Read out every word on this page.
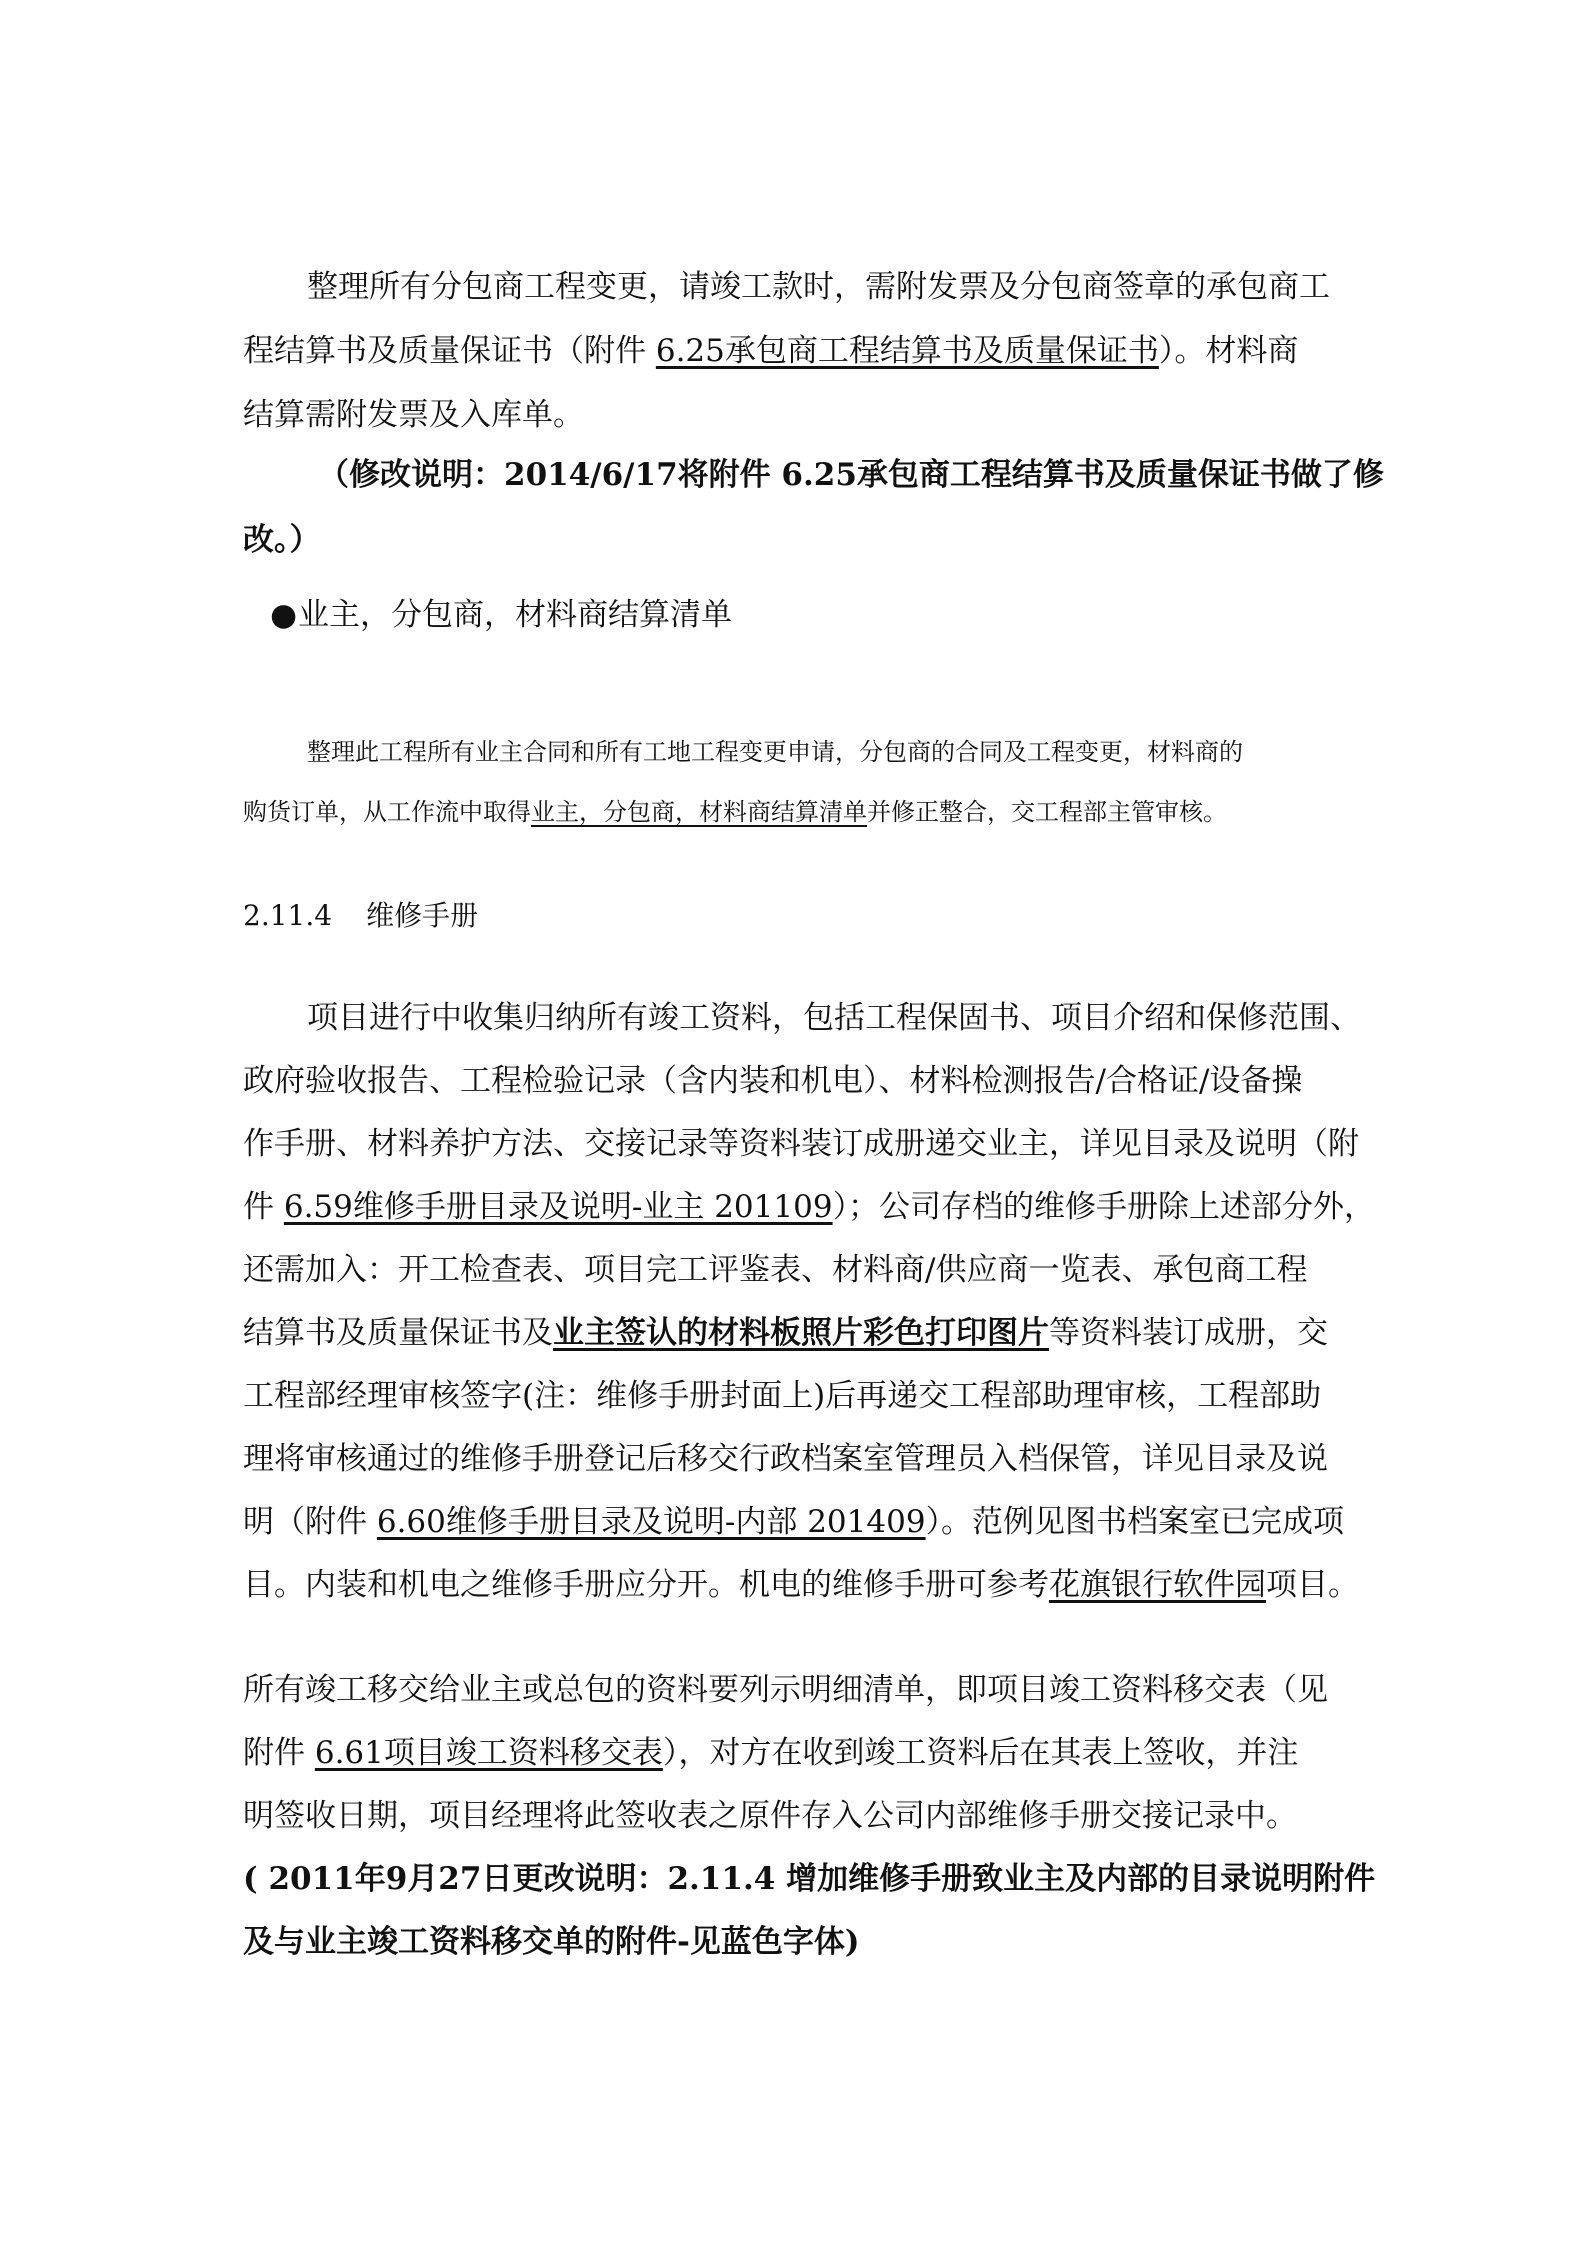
整理所有分包商工程变更，请竣工款时，需附发票及分包商签章的承包商工
程结算书及质量保证书（附件 6.25承包商工程结算书及质量保证书）。材料商
结算需附发票及入库单。
（修改说明：2014/6/17将附件 6.25承包商工程结算书及质量保证书做了修
改。）
●业主，分包商，材料商结算清单
整理此工程所有业主合同和所有工地工程变更申请，分包商的合同及工程变更，材料商的
购货订单，从工作流中取得业主，分包商，材料商结算清单并修正整合，交工程部主管审核。
2.11.4 维修手册
项目进行中收集归纳所有竣工资料，包括工程保固书、项目介绍和保修范围、
政府验收报告、工程检验记录（含内装和机电）、材料检测报告/合格证/设备操
作手册、材料养护方法、交接记录等资料装订成册递交业主，详见目录及说明（附
件 6.59维修手册目录及说明-业主 201109）；公司存档的维修手册除上述部分外，
还需加入：开工检查表、项目完工评鉴表、材料商/供应商一览表、承包商工程
结算书及质量保证书及业主签认的材料板照片彩色打印图片等资料装订成册，交
工程部经理审核签字(注：维修手册封面上)后再递交工程部助理审核，工程部助
理将审核通过的维修手册登记后移交行政档案室管理员入档保管，详见目录及说
明（附件 6.60维修手册目录及说明-内部 201409）。范例见图书档案室已完成项
目。内装和机电之维修手册应分开。机电的维修手册可参考花旗银行软件园项目。
所有竣工移交给业主或总包的资料要列示明细清单，即项目竣工资料移交表（见
附件 6.61项目竣工资料移交表），对方在收到竣工资料后在其表上签收，并注
明签收日期，项目经理将此签收表之原件存入公司内部维修手册交接记录中。
( 2011年9月27日更改说明：2.11.4 增加维修手册致业主及内部的目录说明附件
及与业主竣工资料移交单的附件-见蓝色字体)
